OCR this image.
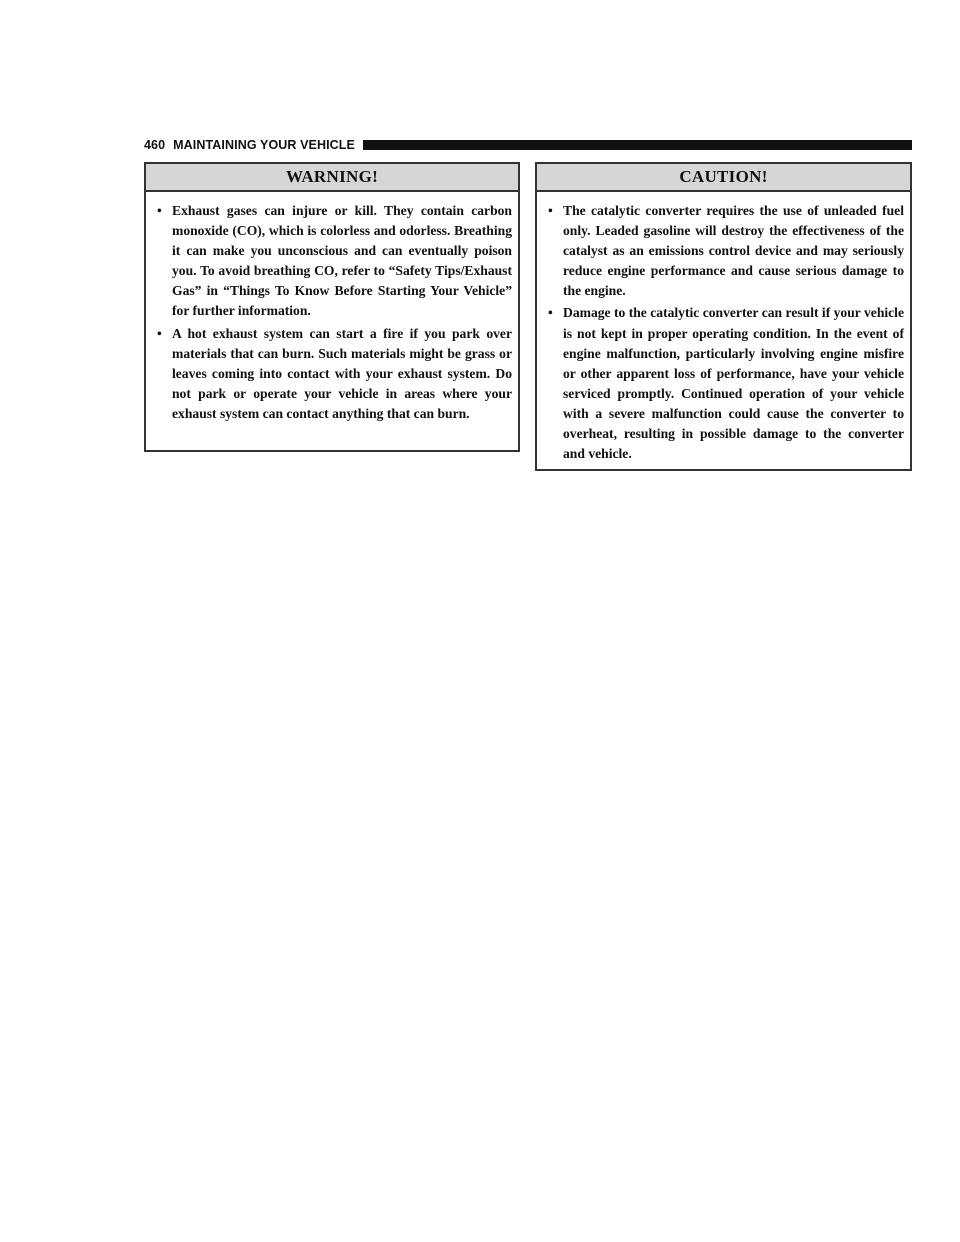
460 MAINTAINING YOUR VEHICLE
WARNING!
• Exhaust gases can injure or kill. They contain carbon monoxide (CO), which is colorless and odorless. Breathing it can make you unconscious and can eventually poison you. To avoid breathing CO, refer to “Safety Tips/Exhaust Gas” in “Things To Know Before Starting Your Vehicle” for further information.
• A hot exhaust system can start a fire if you park over materials that can burn. Such materials might be grass or leaves coming into contact with your exhaust system. Do not park or operate your vehicle in areas where your exhaust system can contact anything that can burn.
CAUTION!
• The catalytic converter requires the use of unleaded fuel only. Leaded gasoline will destroy the effectiveness of the catalyst as an emissions control device and may seriously reduce engine performance and cause serious damage to the engine.
• Damage to the catalytic converter can result if your vehicle is not kept in proper operating condition. In the event of engine malfunction, particularly involving engine misfire or other apparent loss of performance, have your vehicle serviced promptly. Continued operation of your vehicle with a severe malfunction could cause the converter to overheat, resulting in possible damage to the converter and vehicle.
